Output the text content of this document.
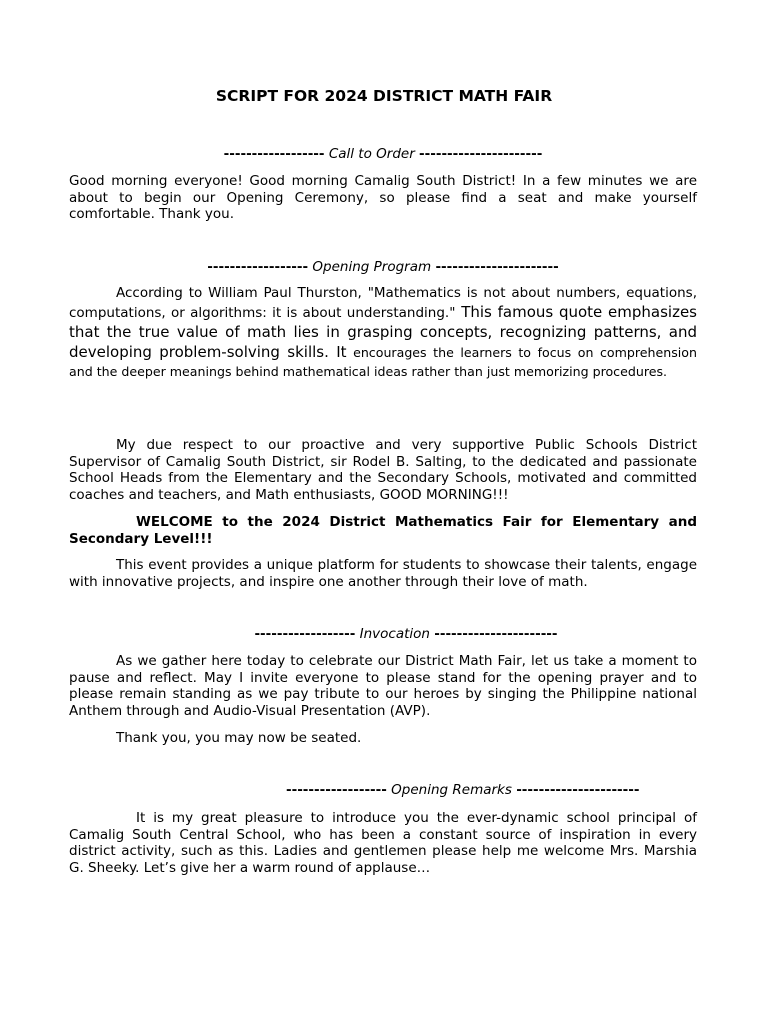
SCRIPT FOR 2024 DISTRICT MATH FAIR
------------------ Call to Order ----------------------
Good morning everyone! Good morning Camalig South District! In a few minutes we are about to begin our Opening Ceremony, so please find a seat and make yourself comfortable. Thank you.
------------------ Opening Program ----------------------
According to William Paul Thurston, "Mathematics is not about numbers, equations, computations, or algorithms: it is about understanding." This famous quote emphasizes that the true value of math lies in grasping concepts, recognizing patterns, and developing problem-solving skills. It encourages the learners to focus on comprehension and the deeper meanings behind mathematical ideas rather than just memorizing procedures.
My due respect to our proactive and very supportive Public Schools District Supervisor of Camalig South District, sir Rodel B. Salting, to the dedicated and passionate School Heads from the Elementary and the Secondary Schools, motivated and committed coaches and teachers, and Math enthusiasts, GOOD MORNING!!!
WELCOME to the 2024 District Mathematics Fair for Elementary and Secondary Level!!!
This event provides a unique platform for students to showcase their talents, engage with innovative projects, and inspire one another through their love of math.
------------------ Invocation ----------------------
As we gather here today to celebrate our District Math Fair, let us take a moment to pause and reflect. May I invite everyone to please stand for the opening prayer and to please remain standing as we pay tribute to our heroes by singing the Philippine national Anthem through and Audio-Visual Presentation (AVP).
Thank you, you may now be seated.
------------------ Opening Remarks ----------------------
It is my great pleasure to introduce you the ever-dynamic school principal of Camalig South Central School, who has been a constant source of inspiration in every district activity, such as this. Ladies and gentlemen please help me welcome Mrs. Marshia G. Sheeky. Let’s give her a warm round of applause…
